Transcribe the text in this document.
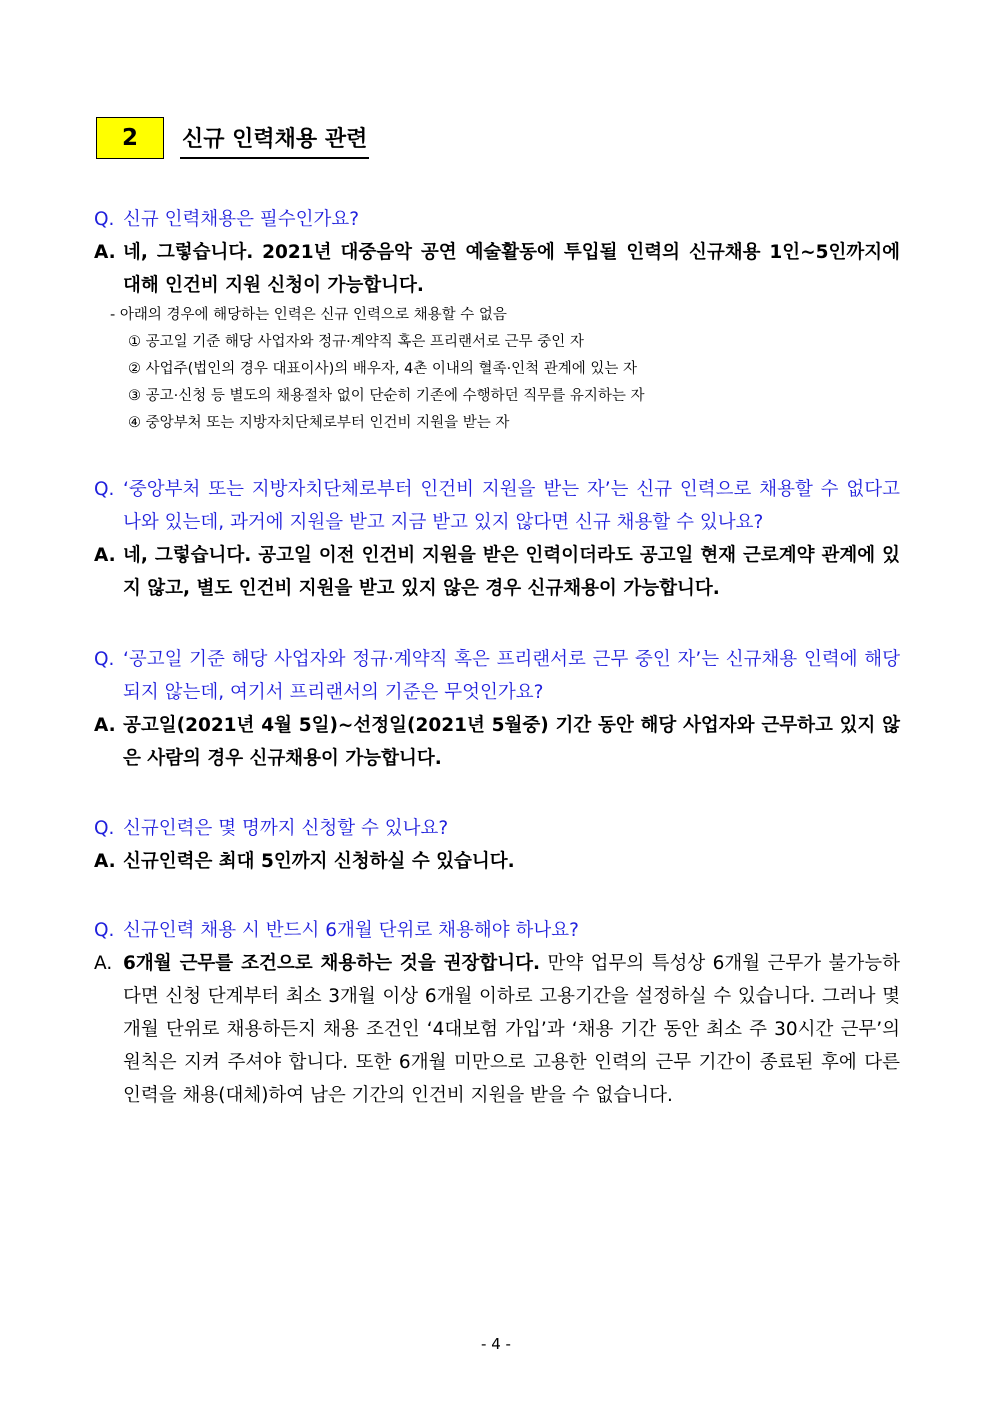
2	신규 인력채용 관련
Q. 신규 인력채용은 필수인가요?
A. 네, 그렇습니다. 2021년 대중음악 공연 예술활동에 투입될 인력의 신규채용 1인~5인까지에 대해 인건비 지원 신청이 가능합니다.
- 아래의 경우에 해당하는 인력은 신규 인력으로 채용할 수 없음
① 공고일 기준 해당 사업자와 정규·계약직 혹은 프리랜서로 근무 중인 자
② 사업주(법인의 경우 대표이사)의 배우자, 4촌 이내의 혈족·인척 관계에 있는 자
③ 공고·신청 등 별도의 채용절차 없이 단순히 기존에 수행하던 직무를 유지하는 자
④ 중앙부처 또는 지방자치단체로부터 인건비 지원을 받는 자
Q. ‘중앙부처 또는 지방자치단체로부터 인건비 지원을 받는 자’는 신규 인력으로 채용할 수 없다고 나와 있는데, 과거에 지원을 받고 지금 받고 있지 않다면 신규 채용할 수 있나요?
A. 네, 그렇습니다. 공고일 이전 인건비 지원을 받은 인력이더라도 공고일 현재 근로계약 관계에 있지 않고, 별도 인건비 지원을 받고 있지 않은 경우 신규채용이 가능합니다.
Q. ‘공고일 기준 해당 사업자와 정규·계약직 혹은 프리랜서로 근무 중인 자’는 신규채용 인력에 해당되지 않는데, 여기서 프리랜서의 기준은 무엇인가요?
A. 공고일(2021년 4월 5일)~선정일(2021년 5월중) 기간 동안 해당 사업자와 근무하고 있지 않은 사람의 경우 신규채용이 가능합니다.
Q. 신규인력은 몇 명까지 신청할 수 있나요?
A. 신규인력은 최대 5인까지 신청하실 수 있습니다.
Q. 신규인력 채용 시 반드시 6개월 단위로 채용해야 하나요?
A. 6개월 근무를 조건으로 채용하는 것을 권장합니다. 만약 업무의 특성상 6개월 근무가 불가능하다면 신청 단계부터 최소 3개월 이상 6개월 이하로 고용기간을 설정하실 수 있습니다. 그러나 몇 개월 단위로 채용하든지 채용 조건인 ‘4대보험 가입’과 ‘채용 기간 동안 최소 주 30시간 근무’의 원칙은 지켜 주셔야 합니다. 또한 6개월 미만으로 고용한 인력의 근무 기간이 종료된 후에 다른 인력을 채용(대체)하여 남은 기간의 인건비 지원을 받을 수 없습니다.
- 4 -
